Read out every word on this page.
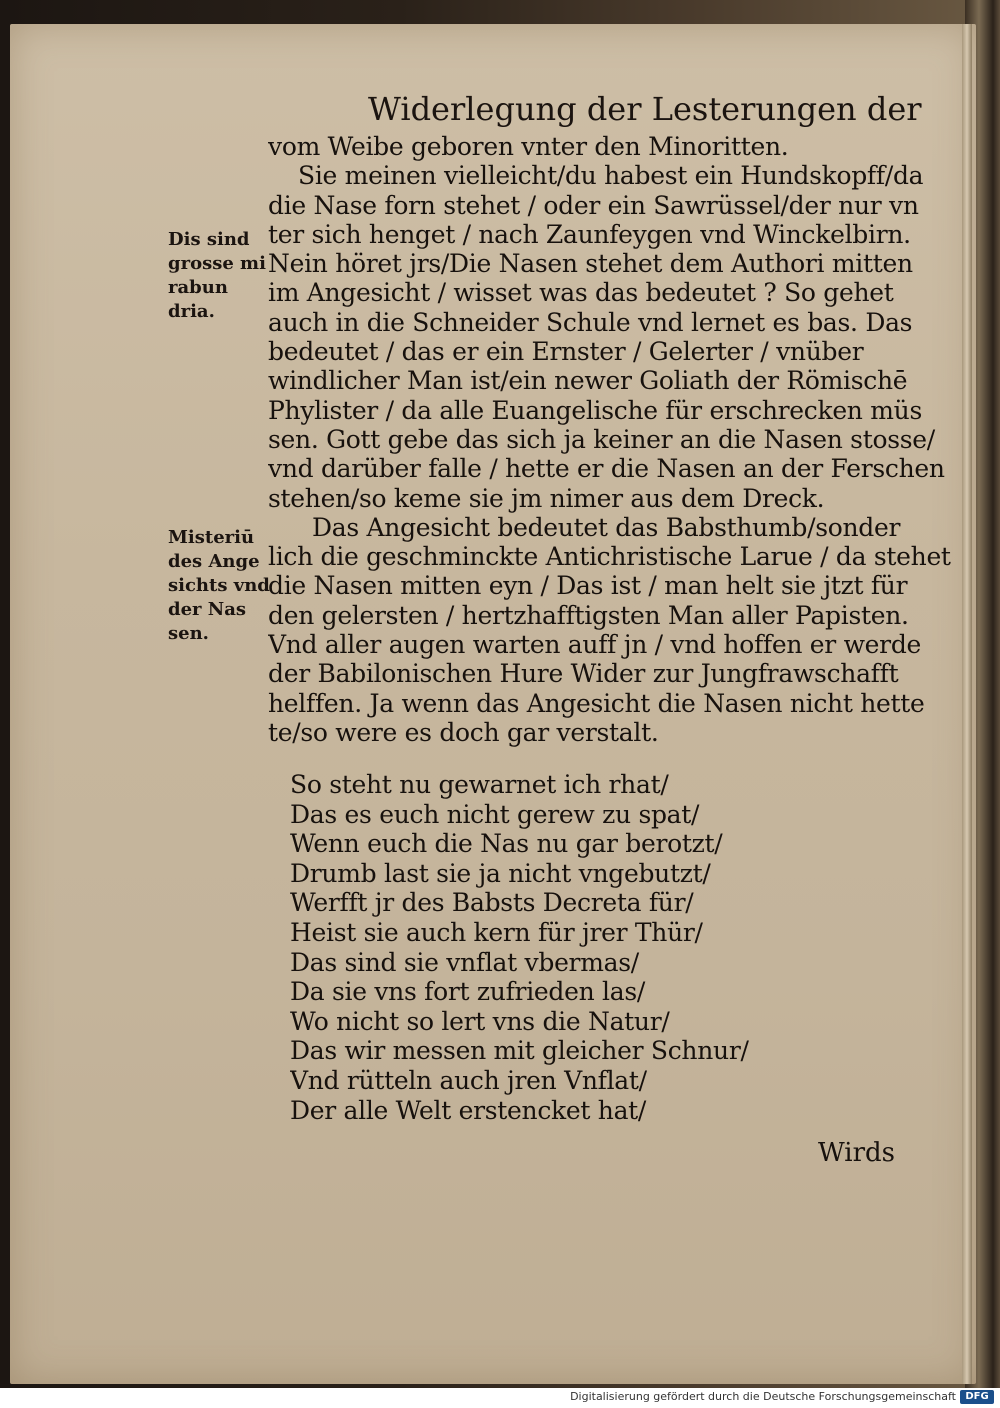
Widerlegung der Lesterungen der
vom Weibe geboren vnter den Minoritten.
Sie meinen vielleicht/du habest ein Hundskopff/da
die Nase forn stehet / oder ein Sawrüssel/der nur vn
ter sich henget / nach Zaunfeygen vnd Winckelbirn.
Nein höret jrs/Die Nasen stehet dem Authori mitten
im Angesicht / wisset was das bedeutet ? So gehet
auch in die Schneider Schule vnd lernet es bas. Das
bedeutet / das er ein Ernster / Gelerter / vnüber
windlicher Man ist/ein newer Goliath der Römischē
Phylister / da alle Euangelische für erschrecken müs
sen. Gott gebe das sich ja keiner an die Nasen stosse/
vnd darüber falle / hette er die Nasen an der Ferschen
stehen/so keme sie jm nimer aus dem Dreck.
Das Angesicht bedeutet das Babsthumb/sonder
lich die geschminckte Antichristische Larue / da stehet
die Nasen mitten eyn / Das ist / man helt sie jtzt für
den gelersten / hertzhafftigsten Man aller Papisten.
Vnd aller augen warten auff jn / vnd hoffen er werde
der Babilonischen Hure Wider zur Jungfrawschafft
helffen. Ja wenn das Angesicht die Nasen nicht hette
te/so were es doch gar verstalt.
So steht nu gewarnet ich rhat/
Das es euch nicht gerew zu spat/
Wenn euch die Nas nu gar berotzt/
Drumb last sie ja nicht vngebutzt/
Werfft jr des Babsts Decreta für/
Heist sie auch kern für jrer Thür/
Das sind sie vnflat vbermas/
Da sie vns fort zufrieden las/
Wo nicht so lert vns die Natur/
Das wir messen mit gleicher Schnur/
Vnd rütteln auch jren Vnflat/
Der alle Welt erstencket hat/
Dis sind
grosse mi
rabun
dria.
Misteriū
des Ange
sichts vnd
der Nas
sen.
Wirds
Digitalisierung gefördert durch die Deutsche Forschungsgemeinschaft DFG
